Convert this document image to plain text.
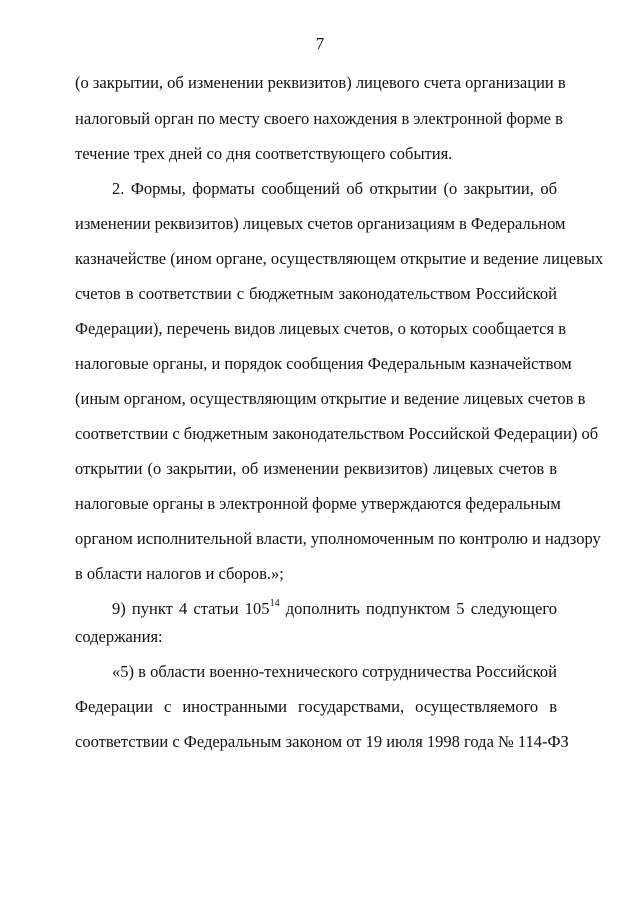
7
(о закрытии, об изменении реквизитов) лицевого счета организации в
налоговый орган по месту своего нахождения в электронной форме в
течение трех дней со дня соответствующего события.
2. Формы, форматы сообщений об открытии (о закрытии, об
изменении реквизитов) лицевых счетов организациям в Федеральном
казначействе (ином органе, осуществляющем открытие и ведение лицевых
счетов в соответствии с бюджетным законодательством Российской
Федерации), перечень видов лицевых счетов, о которых сообщается в
налоговые органы, и порядок сообщения Федеральным казначейством
(иным органом, осуществляющим открытие и ведение лицевых счетов в
соответствии с бюджетным законодательством Российской Федерации) об
открытии (о закрытии, об изменении реквизитов) лицевых счетов в
налоговые органы в электронной форме утверждаются федеральным
органом исполнительной власти, уполномоченным по контролю и надзору
в области налогов и сборов.»;
9) пункт 4 статьи $105^{14}$ дополнить подпунктом 5 следующего
содержания:
«5) в области военно-технического сотрудничества Российской
Федерации с иностранными государствами, осуществляемого в
соответствии с Федеральным законом от 19 июля 1998 года № 114-ФЗ
